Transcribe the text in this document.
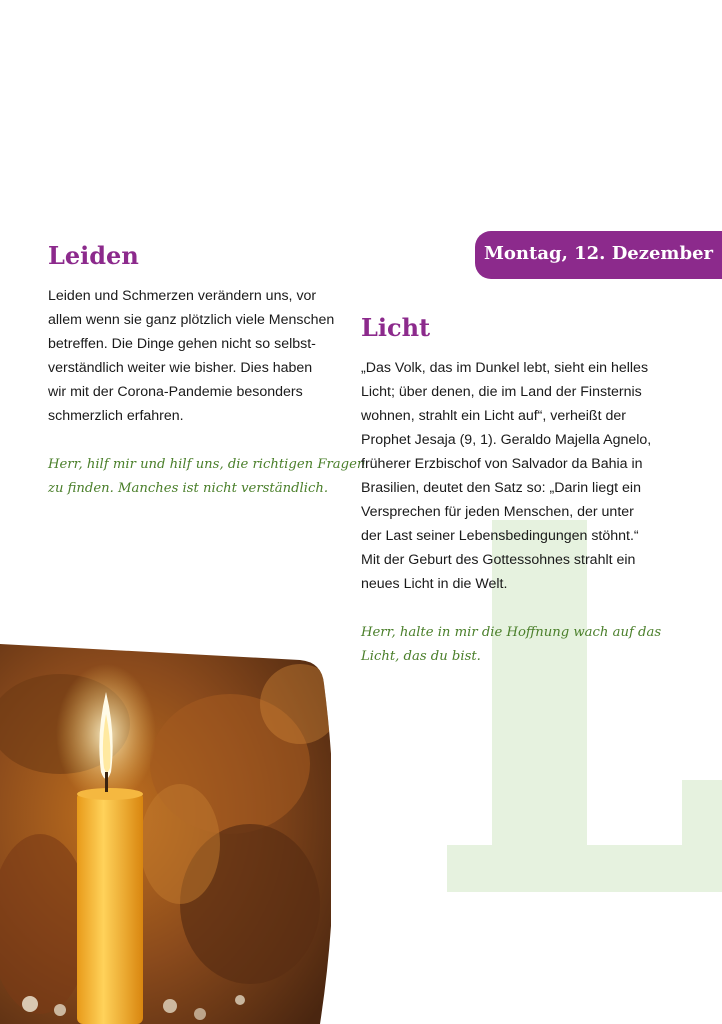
Montag, 12. Dezember
Leiden

Leiden und Schmerzen verändern uns, vor
allem wenn sie ganz plötzlich viele Menschen
betreffen. Die Dinge gehen nicht so selbst-
verständlich weiter wie bisher. Dies haben
wir mit der Corona-Pandemie besonders
schmerzlich erfahren.

Herr, hilf mir und hilf uns, die richtigen Fragen
zu finden. Manches ist nicht verständlich.

Licht

„Das Volk, das im Dunkel lebt, sieht ein helles
Licht; über denen, die im Land der Finsternis
wohnen, strahlt ein Licht auf“, verheißt der
Prophet Jesaja (9, 1). Geraldo Majella Agnelo,
früherer Erzbischof von Salvador da Bahia in
Brasilien, deutet den Satz so: „Darin liegt ein
Versprechen für jeden Menschen, der unter
der Last seiner Lebensbedingungen stöhnt.“
Mit der Geburt des Gottessohnes strahlt ein
neues Licht in die Welt.

Herr, halte in mir die Hoffnung wach auf das
Licht, das du bist.
